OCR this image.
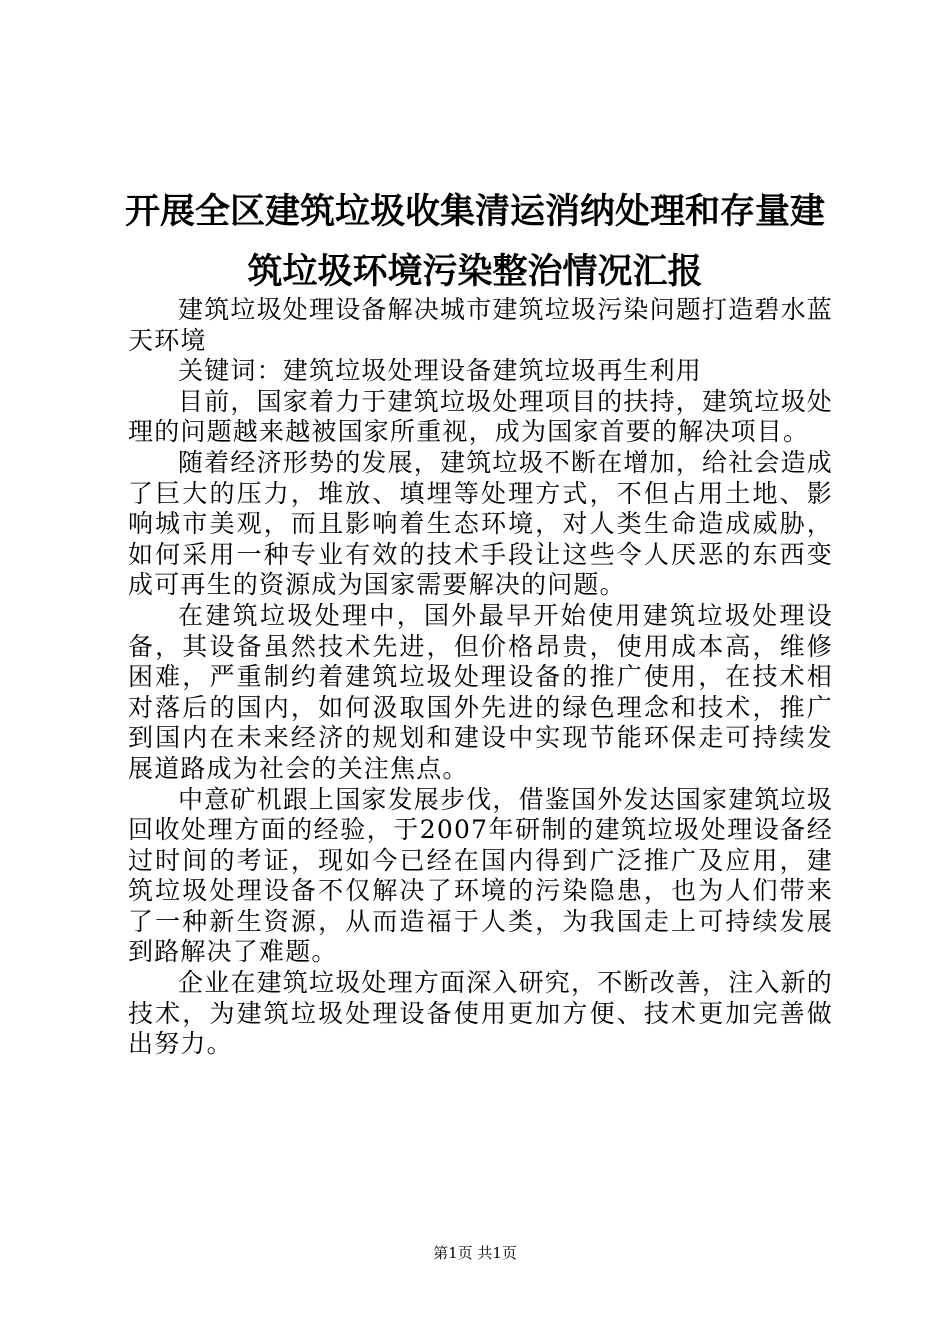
开展全区建筑垃圾收集清运消纳处理和存量建
筑垃圾环境污染整治情况汇报

建筑垃圾处理设备解决城市建筑垃圾污染问题打造碧水蓝天环境

关键词：建筑垃圾处理设备建筑垃圾再生利用

目前，国家着力于建筑垃圾处理项目的扶持，建筑垃圾处理的问题越来越被国家所重视，成为国家首要的解决项目。

随着经济形势的发展，建筑垃圾不断在增加，给社会造成了巨大的压力，堆放、填埋等处理方式，不但占用土地、影响城市美观，而且影响着生态环境，对人类生命造成威胁，如何采用一种专业有效的技术手段让这些令人厌恶的东西变成可再生的资源成为国家需要解决的问题。

在建筑垃圾处理中，国外最早开始使用建筑垃圾处理设备，其设备虽然技术先进，但价格昂贵，使用成本高，维修困难，严重制约着建筑垃圾处理设备的推广使用，在技术相对落后的国内，如何汲取国外先进的绿色理念和技术，推广到国内在未来经济的规划和建设中实现节能环保走可持续发展道路成为社会的关注焦点。

中意矿机跟上国家发展步伐，借鉴国外发达国家建筑垃圾回收处理方面的经验，于2007年研制的建筑垃圾处理设备经过时间的考证，现如今已经在国内得到广泛推广及应用，建筑垃圾处理设备不仅解决了环境的污染隐患，也为人们带来了一种新生资源，从而造福于人类，为我国走上可持续发展到路解决了难题。

企业在建筑垃圾处理方面深入研究，不断改善，注入新的技术，为建筑垃圾处理设备使用更加方便、技术更加完善做出努力。

第1页 共1页
